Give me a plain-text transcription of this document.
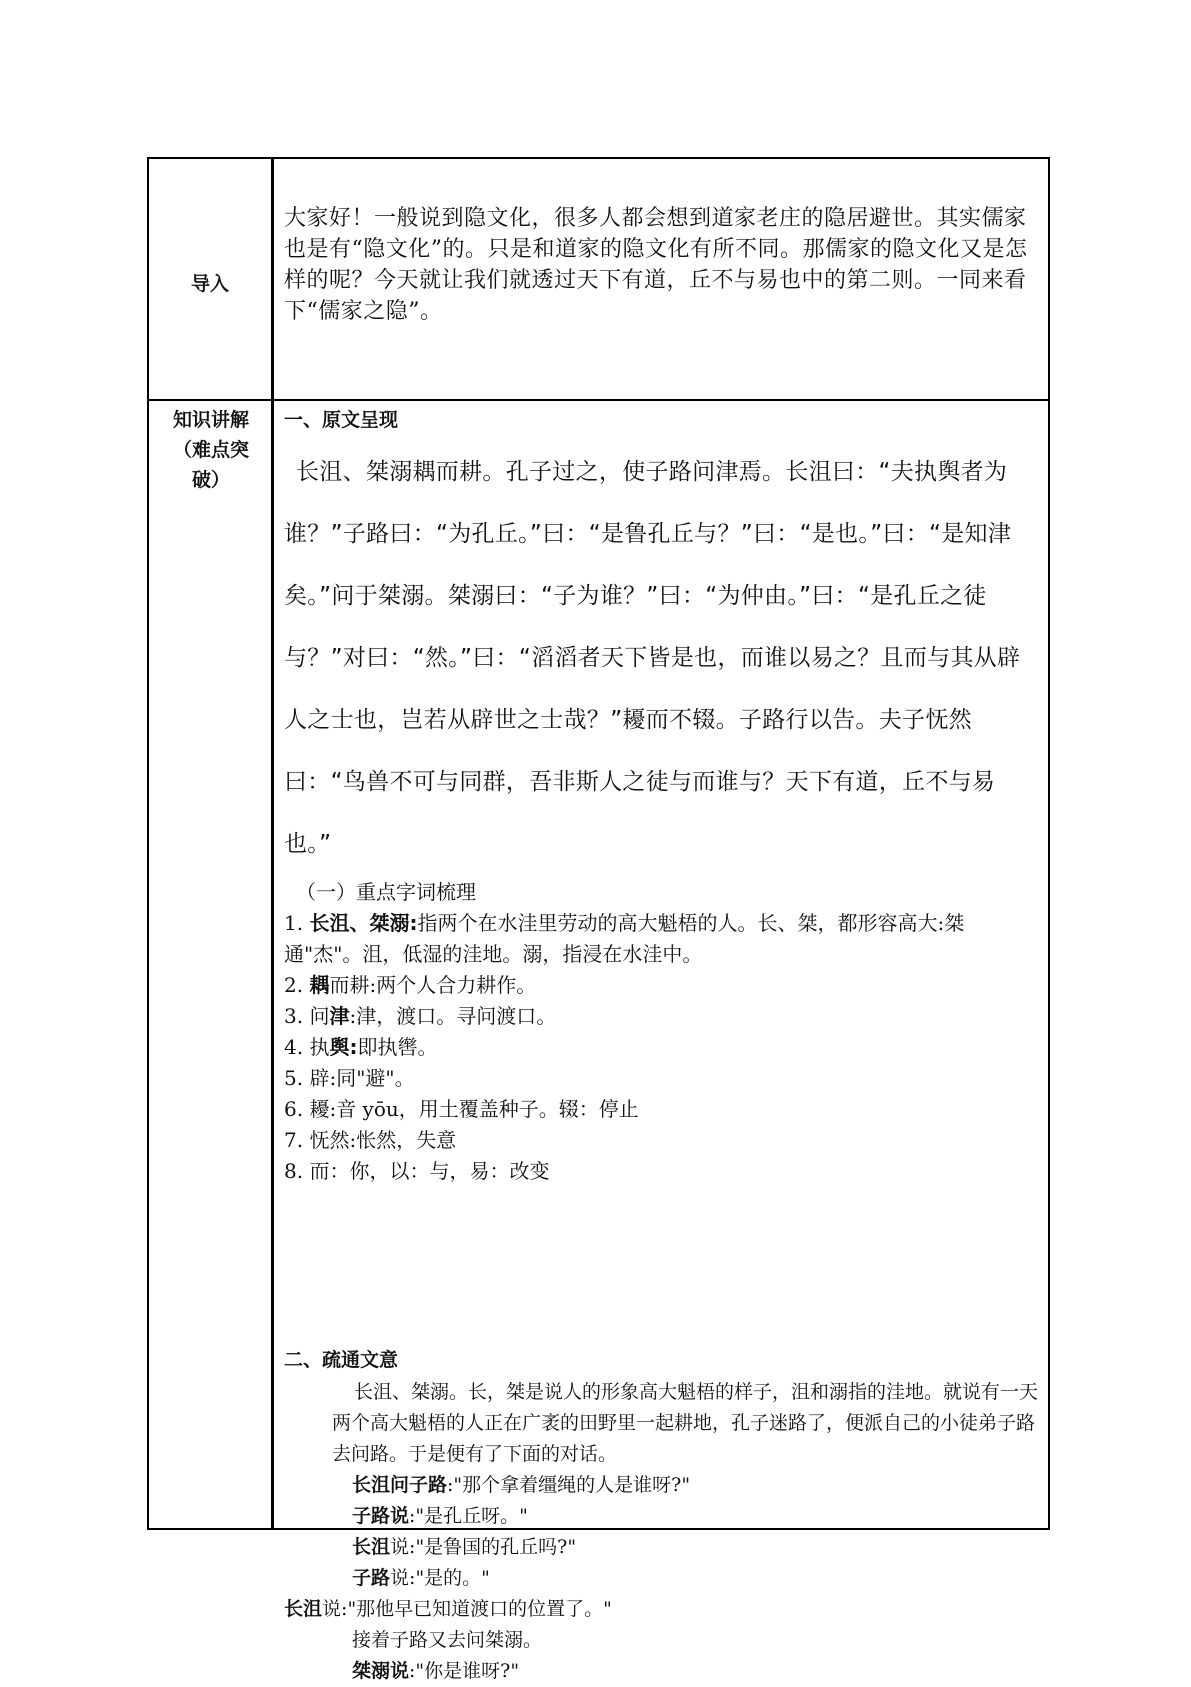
导入
知识讲解
（难点突
破）
大家好！一般说到隐文化，很多人都会想到道家老庄的隐居避世。其实儒家也是有“隐文化”的。只是和道家的隐文化有所不同。那儒家的隐文化又是怎样的呢？今天就让我们就透过天下有道，丘不与易也中的第二则。一同来看下“儒家之隐”。
一、原文呈现
长沮、桀溺耦而耕。孔子过之，使子路问津焉。长沮曰：“夫执舆者为谁？”子路曰：“为孔丘。”曰：“是鲁孔丘与？”曰：“是也。”曰：“是知津矣。”问于桀溺。桀溺曰：“子为谁？”曰：“为仲由。”曰：“是孔丘之徒与？”对曰：“然。”曰：“滔滔者天下皆是也，而谁以易之？且而与其从辟人之士也，岂若从辟世之士哉？”耰而不辍。子路行以告。夫子怃然曰：“鸟兽不可与同群，吾非斯人之徒与而谁与？天下有道，丘不与易也。”

（一）重点字词梳理

1. 长沮、桀溺:指两个在水洼里劳动的高大魁梧的人。长、桀，都形容高大:桀通"杰"。沮，低湿的洼地。溺，指浸在水洼中。

2. 耦而耕:两个人合力耕作。

3. 问津:津，渡口。寻问渡口。

4. 执舆:即执辔。

5. 辟:同"避"。

6. 耰:音 yōu，用土覆盖种子。辍：停止

7. 怃然:怅然，失意

8. 而：你，以：与，易：改变

二、疏通文意

长沮、桀溺。长，桀是说人的形象高大魁梧的样子，沮和溺指的洼地。就说有一天两个高大魁梧的人正在广袤的田野里一起耕地，孔子迷路了，便派自己的小徒弟子路去问路。于是便有了下面的对话。

长沮问子路:"那个拿着缰绳的人是谁呀?"

子路说:"是孔丘呀。"

长沮说:"是鲁国的孔丘吗?"

子路说:"是的。"

长沮说:"那他早已知道渡口的位置了。"

接着子路又去问桀溺。

桀溺说:"你是谁呀?"
